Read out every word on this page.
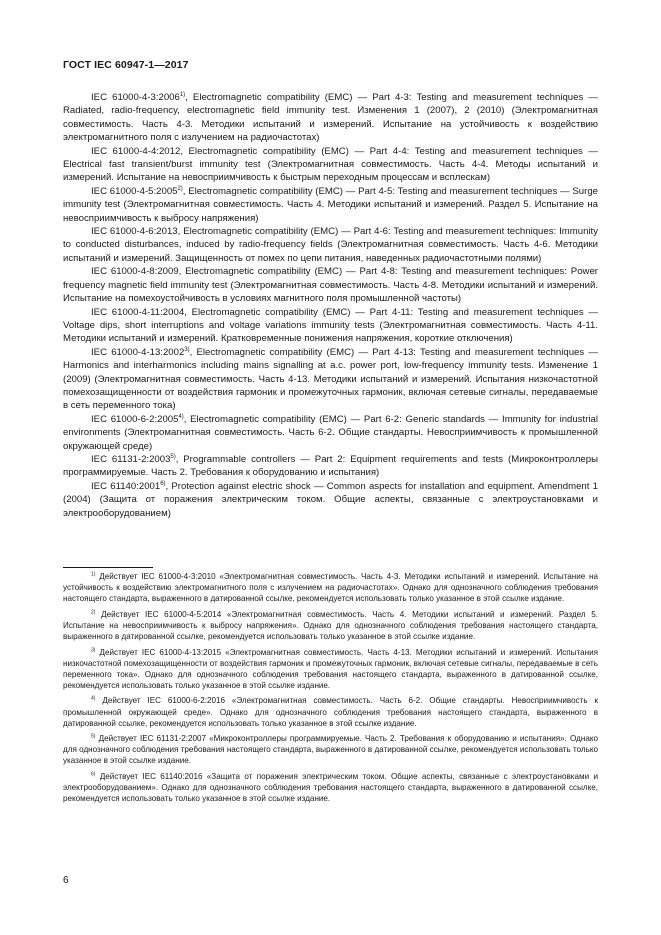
ГОСТ IEC 60947-1—2017

IEC 61000-4-3:2006$^{1)}$, Electromagnetic compatibility (EMC) — Part 4-3: Testing and measurement techniques — Radiated, radio-frequency, electromagnetic field immunity test. Изменения 1 (2007), 2 (2010) (Электромагнитная совместимость. Часть 4-3. Методики испытаний и измерений. Испытание на устойчивость к воздействию электромагнитного поля с излучением на радиочастотах)

IEC 61000-4-4:2012, Electromagnetic compatibility (EMC) — Part 4-4: Testing and measurement techniques — Electrical fast transient/burst immunity test (Электромагнитная совместимость. Часть 4-4. Методы испытаний и измерений. Испытание на невосприимчивость к быстрым переходным процессам и всплескам)

IEC 61000-4-5:2005$^{2)}$, Electromagnetic compatibility (EMC) — Part 4-5: Testing and measurement techniques — Surge immunity test (Электромагнитная совместимость. Часть 4. Методики испытаний и измерений. Раздел 5. Испытание на невосприимчивость к выбросу напряжения)

IEC 61000-4-6:2013, Electromagnetic compatibility (EMC) — Part 4-6: Testing and measurement techniques: Immunity to conducted disturbances, induced by radio-frequency fields (Электромагнитная совместимость. Часть 4-6. Методики испытаний и измерений. Защищенность от помех по цепи питания, наведенных радиочастотными полями)

IEC 61000-4-8:2009, Electromagnetic compatibility (EMC) — Part 4-8: Testing and measurement techniques: Power frequency magnetic field immunity test (Электромагнитная совместимость. Часть 4-8. Методики испытаний и измерений. Испытание на помехоустойчивость в условиях магнитного поля промышленной частоты)

IEC 61000-4-11:2004, Electromagnetic compatibility (EMC) — Part 4-11: Testing and measurement techniques — Voltage dips, short interruptions and voltage variations immunity tests (Электромагнитная совместимость. Часть 4-11. Методики испытаний и измерений. Кратковременные понижения напряжения, короткие отключения)

IEC 61000-4-13:2002$^{3)}$, Electromagnetic compatibility (EMC) — Part 4-13: Testing and measurement techniques — Harmonics and interharmonics including mains signalling at a.c. power port, low-frequency immunity tests. Изменение 1 (2009) (Электромагнитная совместимость. Часть 4-13. Методики испытаний и измерений. Испытания низкочастотной помехозащищенности от воздействия гармоник и промежуточных гармоник, включая сетевые сигналы, передаваемые в сеть переменного тока)

IEC 61000-6-2:2005$^{4)}$, Electromagnetic compatibility (EMC) — Part 6-2: Generic standards — Immunity for industrial environments (Электромагнитная совместимость. Часть 6-2. Общие стандарты. Невосприимчивость к промышленной окружающей среде)

IEC 61131-2:2003$^{5)}$, Programmable controllers — Part 2: Equipment requirements and tests (Микроконтроллеры программируемые. Часть 2. Требования к оборудованию и испытания)

IEC 61140:2001$^{6)}$, Protection against electric shock — Common aspects for installation and equipment. Amendment 1 (2004) (Защита от поражения электрическим током. Общие аспекты, связанные с электроустановками и электрооборудованием)

$^{1)}$ Действует IEC 61000-4-3:2010 «Электромагнитная совместимость. Часть 4-3. Методики испытаний и измерений. Испытание на устойчивость к воздействию электромагнитного поля с излучением на радиочастотах». Однако для однозначного соблюдения требования настоящего стандарта, выраженного в датированной ссылке, рекомендуется использовать только указанное в этой ссылке издание.

$^{2)}$ Действует IEC 61000-4-5:2014 «Электромагнитная совместимость. Часть 4. Методики испытаний и измерений. Раздел 5. Испытание на невосприимчивость к выбросу напряжения». Однако для однозначного соблюдения требования настоящего стандарта, выраженного в датированной ссылке, рекомендуется использовать только указанное в этой ссылке издание.

$^{3)}$ Действует IEC 61000-4-13:2015 «Электромагнитная совместимость. Часть 4-13. Методики испытаний и измерений. Испытания низкочастотной помехозащищенности от воздействия гармоник и промежуточных гармоник, включая сетевые сигналы, передаваемые в сеть переменного тока». Однако для однозначного соблюдения требования настоящего стандарта, выраженного в датированной ссылке, рекомендуется использовать только указанное в этой ссылке издание.

$^{4)}$ Действует IEC 61000-6-2:2016 «Электромагнитная совместимость. Часть 6-2. Общие стандарты. Невосприимчивость к промышленной окружающей среде». Однако для однозначного соблюдения требования настоящего стандарта, выраженного в датированной ссылке, рекомендуется использовать только указанное в этой ссылке издание.

$^{5)}$ Действует IEC 61131-2:2007 «Микроконтроллеры программируемые. Часть 2. Требования к оборудованию и испытания». Однако для однозначного соблюдения требования настоящего стандарта, выраженного в датированной ссылке, рекомендуется использовать только указанное в этой ссылке издание.

$^{6)}$ Действует IEC 61140:2016 «Защита от поражения электрическим током. Общие аспекты, связанные с электроустановками и электрооборудованием». Однако для однозначного соблюдения требования настоящего стандарта, выраженного в датированной ссылке, рекомендуется использовать только указанное в этой ссылке издание.

6
